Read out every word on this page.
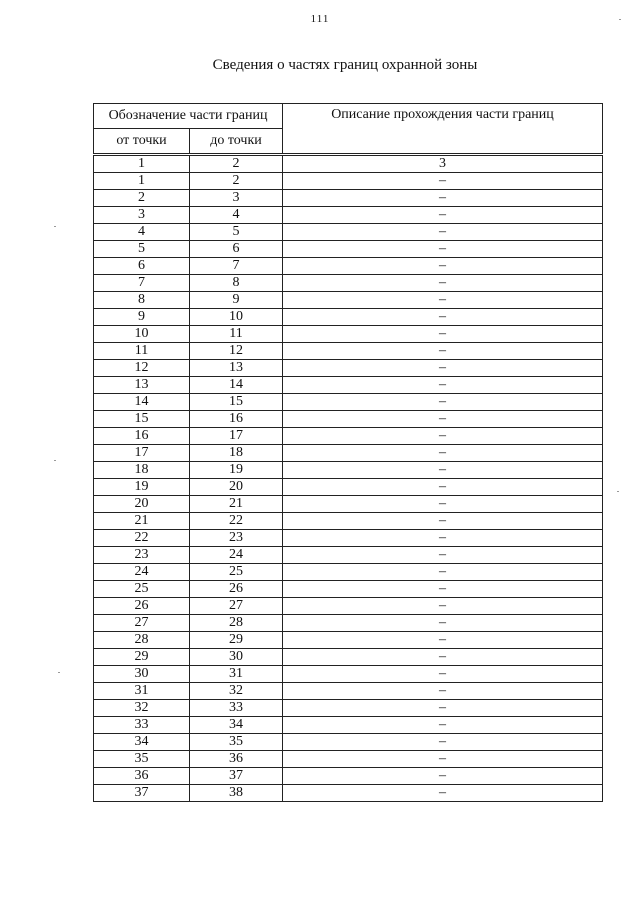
111
Сведения о частях границ охранной зоны
Обозначение части границ		Описание прохождения части границ
от точки	до точки	
1	2	3
1	2	–
2	3	–
3	4	–
4	5	–
5	6	–
6	7	–
7	8	–
8	9	–
9	10	–
10	11	–
11	12	–
12	13	–
13	14	–
14	15	–
15	16	–
16	17	–
17	18	–
18	19	–
19	20	–
20	21	–
21	22	–
22	23	–
23	24	–
24	25	–
25	26	–
26	27	–
27	28	–
28	29	–
29	30	–
30	31	–
31	32	–
32	33	–
33	34	–
34	35	–
35	36	–
36	37	–
37	38	–
